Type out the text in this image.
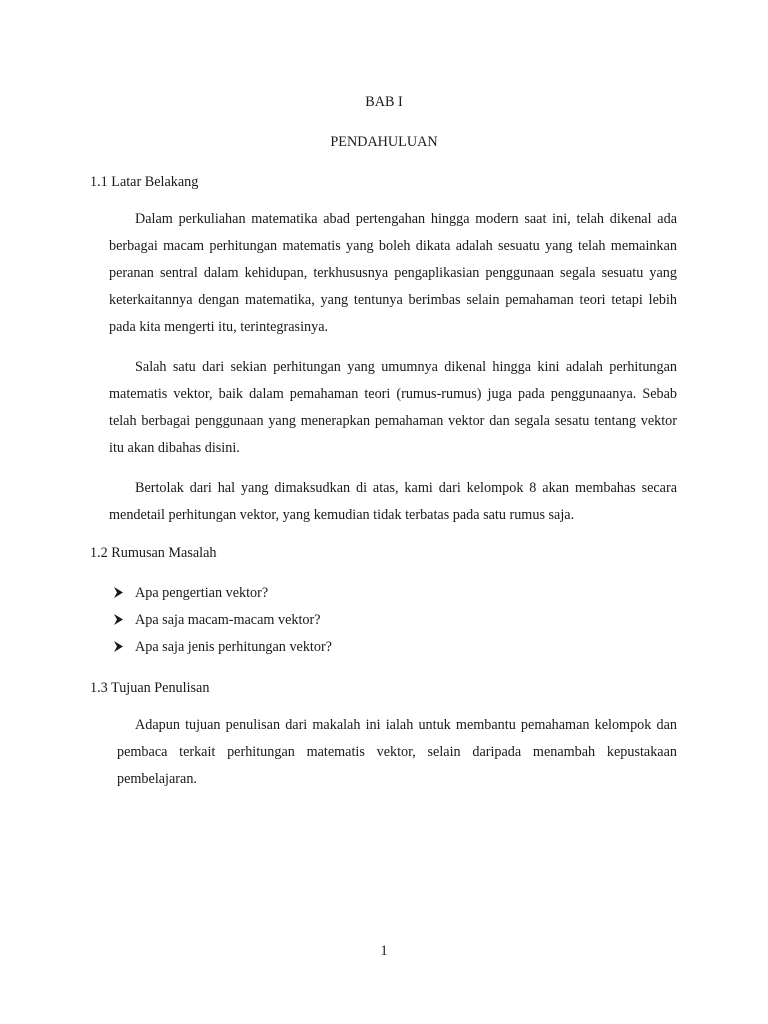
BAB I
PENDAHULUAN
1.1 Latar Belakang

Dalam perkuliahan matematika abad pertengahan hingga modern saat ini, telah dikenal ada berbagai macam perhitungan matematis yang boleh dikata adalah sesuatu yang telah memainkan peranan sentral dalam kehidupan, terkhususnya pengaplikasian penggunaan segala sesuatu yang keterkaitannya dengan matematika, yang tentunya berimbas selain pemahaman teori tetapi lebih pada kita mengerti itu, terintegrasinya.

Salah satu dari sekian perhitungan yang umumnya dikenal hingga kini adalah perhitungan matematis vektor, baik dalam pemahaman teori (rumus-rumus) juga pada penggunaanya. Sebab telah berbagai penggunaan yang menerapkan pemahaman vektor dan segala sesatu tentang vektor itu akan dibahas disini.

Bertolak dari hal yang dimaksudkan di atas, kami dari kelompok 8 akan membahas secara mendetail perhitungan vektor, yang kemudian tidak terbatas pada satu rumus saja.

1.2 Rumusan Masalah
Apa pengertian vektor?
Apa saja macam-macam vektor?
Apa saja jenis perhitungan vektor?
1.3 Tujuan Penulisan

Adapun tujuan penulisan dari makalah ini ialah untuk membantu pemahaman kelompok dan pembaca terkait perhitungan matematis vektor, selain daripada menambah kepustakaan pembelajaran.

1
